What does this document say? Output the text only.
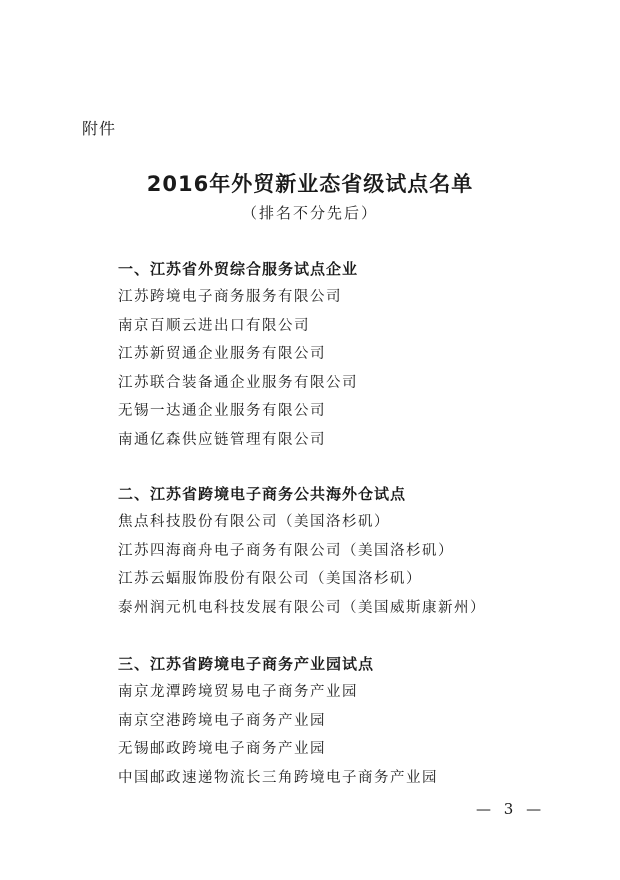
附件
2016年外贸新业态省级试点名单
（排名不分先后）
一、江苏省外贸综合服务试点企业
江苏跨境电子商务服务有限公司
南京百顺云进出口有限公司
江苏新贸通企业服务有限公司
江苏联合装备通企业服务有限公司
无锡一达通企业服务有限公司
南通亿森供应链管理有限公司
二、江苏省跨境电子商务公共海外仓试点
焦点科技股份有限公司（美国洛杉矶）
江苏四海商舟电子商务有限公司（美国洛杉矶）
江苏云蝠服饰股份有限公司（美国洛杉矶）
泰州润元机电科技发展有限公司（美国威斯康新州）
三、江苏省跨境电子商务产业园试点
南京龙潭跨境贸易电子商务产业园
南京空港跨境电子商务产业园
无锡邮政跨境电子商务产业园
中国邮政速递物流长三角跨境电子商务产业园
— 3 —
